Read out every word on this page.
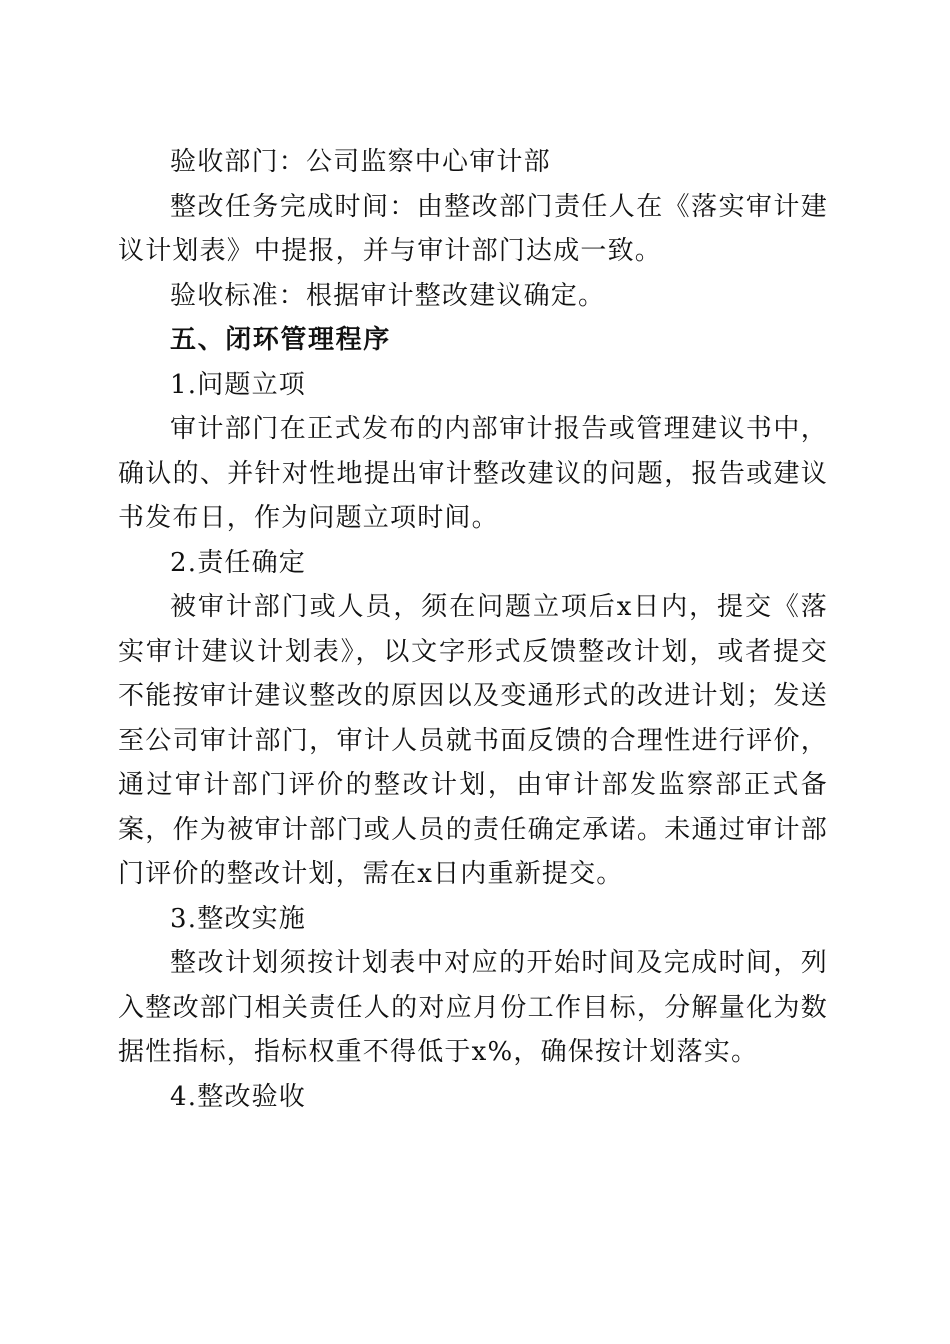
验收部门：公司监察中心审计部

整改任务完成时间：由整改部门责任人在《落实审计建议计划表》中提报，并与审计部门达成一致。

验收标准：根据审计整改建议确定。

五、闭环管理程序

1.问题立项

审计部门在正式发布的内部审计报告或管理建议书中，确认的、并针对性地提出审计整改建议的问题，报告或建议书发布日，作为问题立项时间。

2.责任确定

被审计部门或人员，须在问题立项后x日内，提交《落实审计建议计划表》，以文字形式反馈整改计划，或者提交不能按审计建议整改的原因以及变通形式的改进计划；发送至公司审计部门，审计人员就书面反馈的合理性进行评价，通过审计部门评价的整改计划，由审计部发监察部正式备案，作为被审计部门或人员的责任确定承诺。未通过审计部门评价的整改计划，需在x日内重新提交。

3.整改实施

整改计划须按计划表中对应的开始时间及完成时间，列入整改部门相关责任人的对应月份工作目标，分解量化为数据性指标，指标权重不得低于x%，确保按计划落实。

4.整改验收
